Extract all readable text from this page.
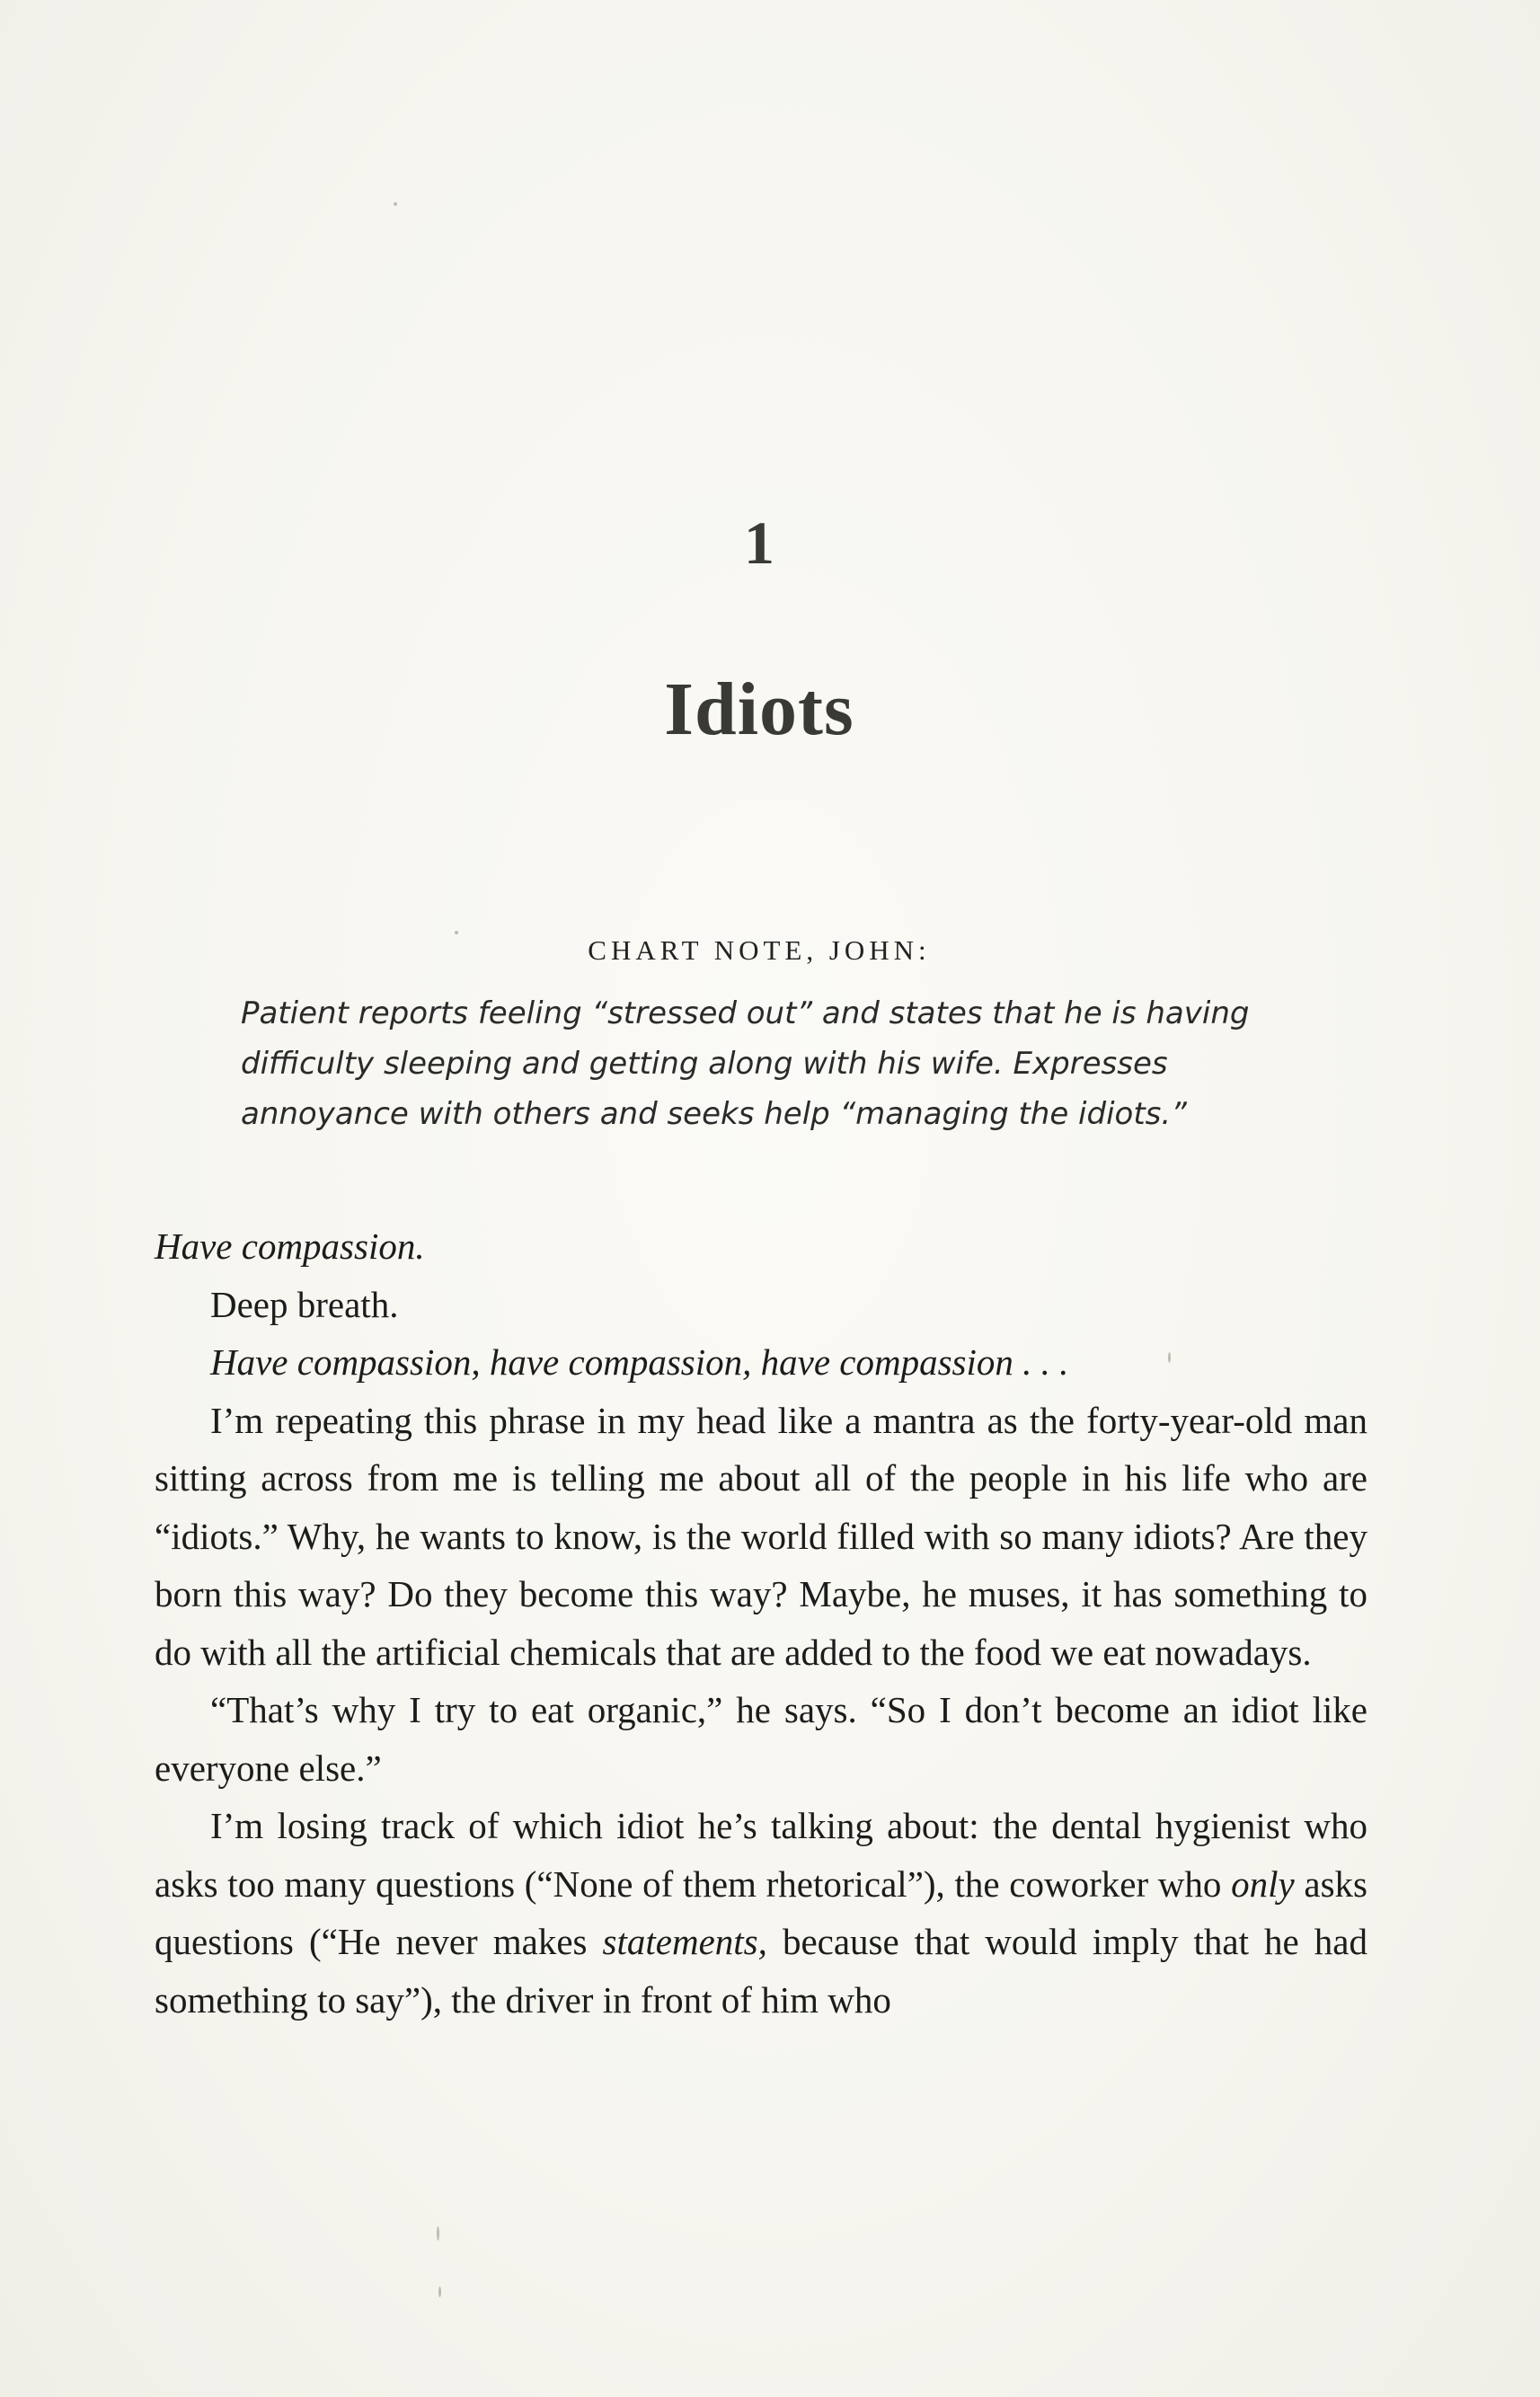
1
Idiots
CHART NOTE, JOHN:

Patient reports feeling “stressed out” and states that he is having difficulty sleeping and getting along with his wife. Expresses annoyance with others and seeks help “managing the idiots.”

Have compassion.

Deep breath.

Have compassion, have compassion, have compassion . . .

I’m repeating this phrase in my head like a mantra as the forty-year-old man sitting across from me is telling me about all of the people in his life who are “idiots.” Why, he wants to know, is the world filled with so many idiots? Are they born this way? Do they become this way? Maybe, he muses, it has something to do with all the artificial chemicals that are added to the food we eat nowadays.

“That’s why I try to eat organic,” he says. “So I don’t become an idiot like everyone else.”

I’m losing track of which idiot he’s talking about: the dental hygienist who asks too many questions (“None of them rhetorical”), the coworker who only asks questions (“He never makes statements, because that would imply that he had something to say”), the driver in front of him who
